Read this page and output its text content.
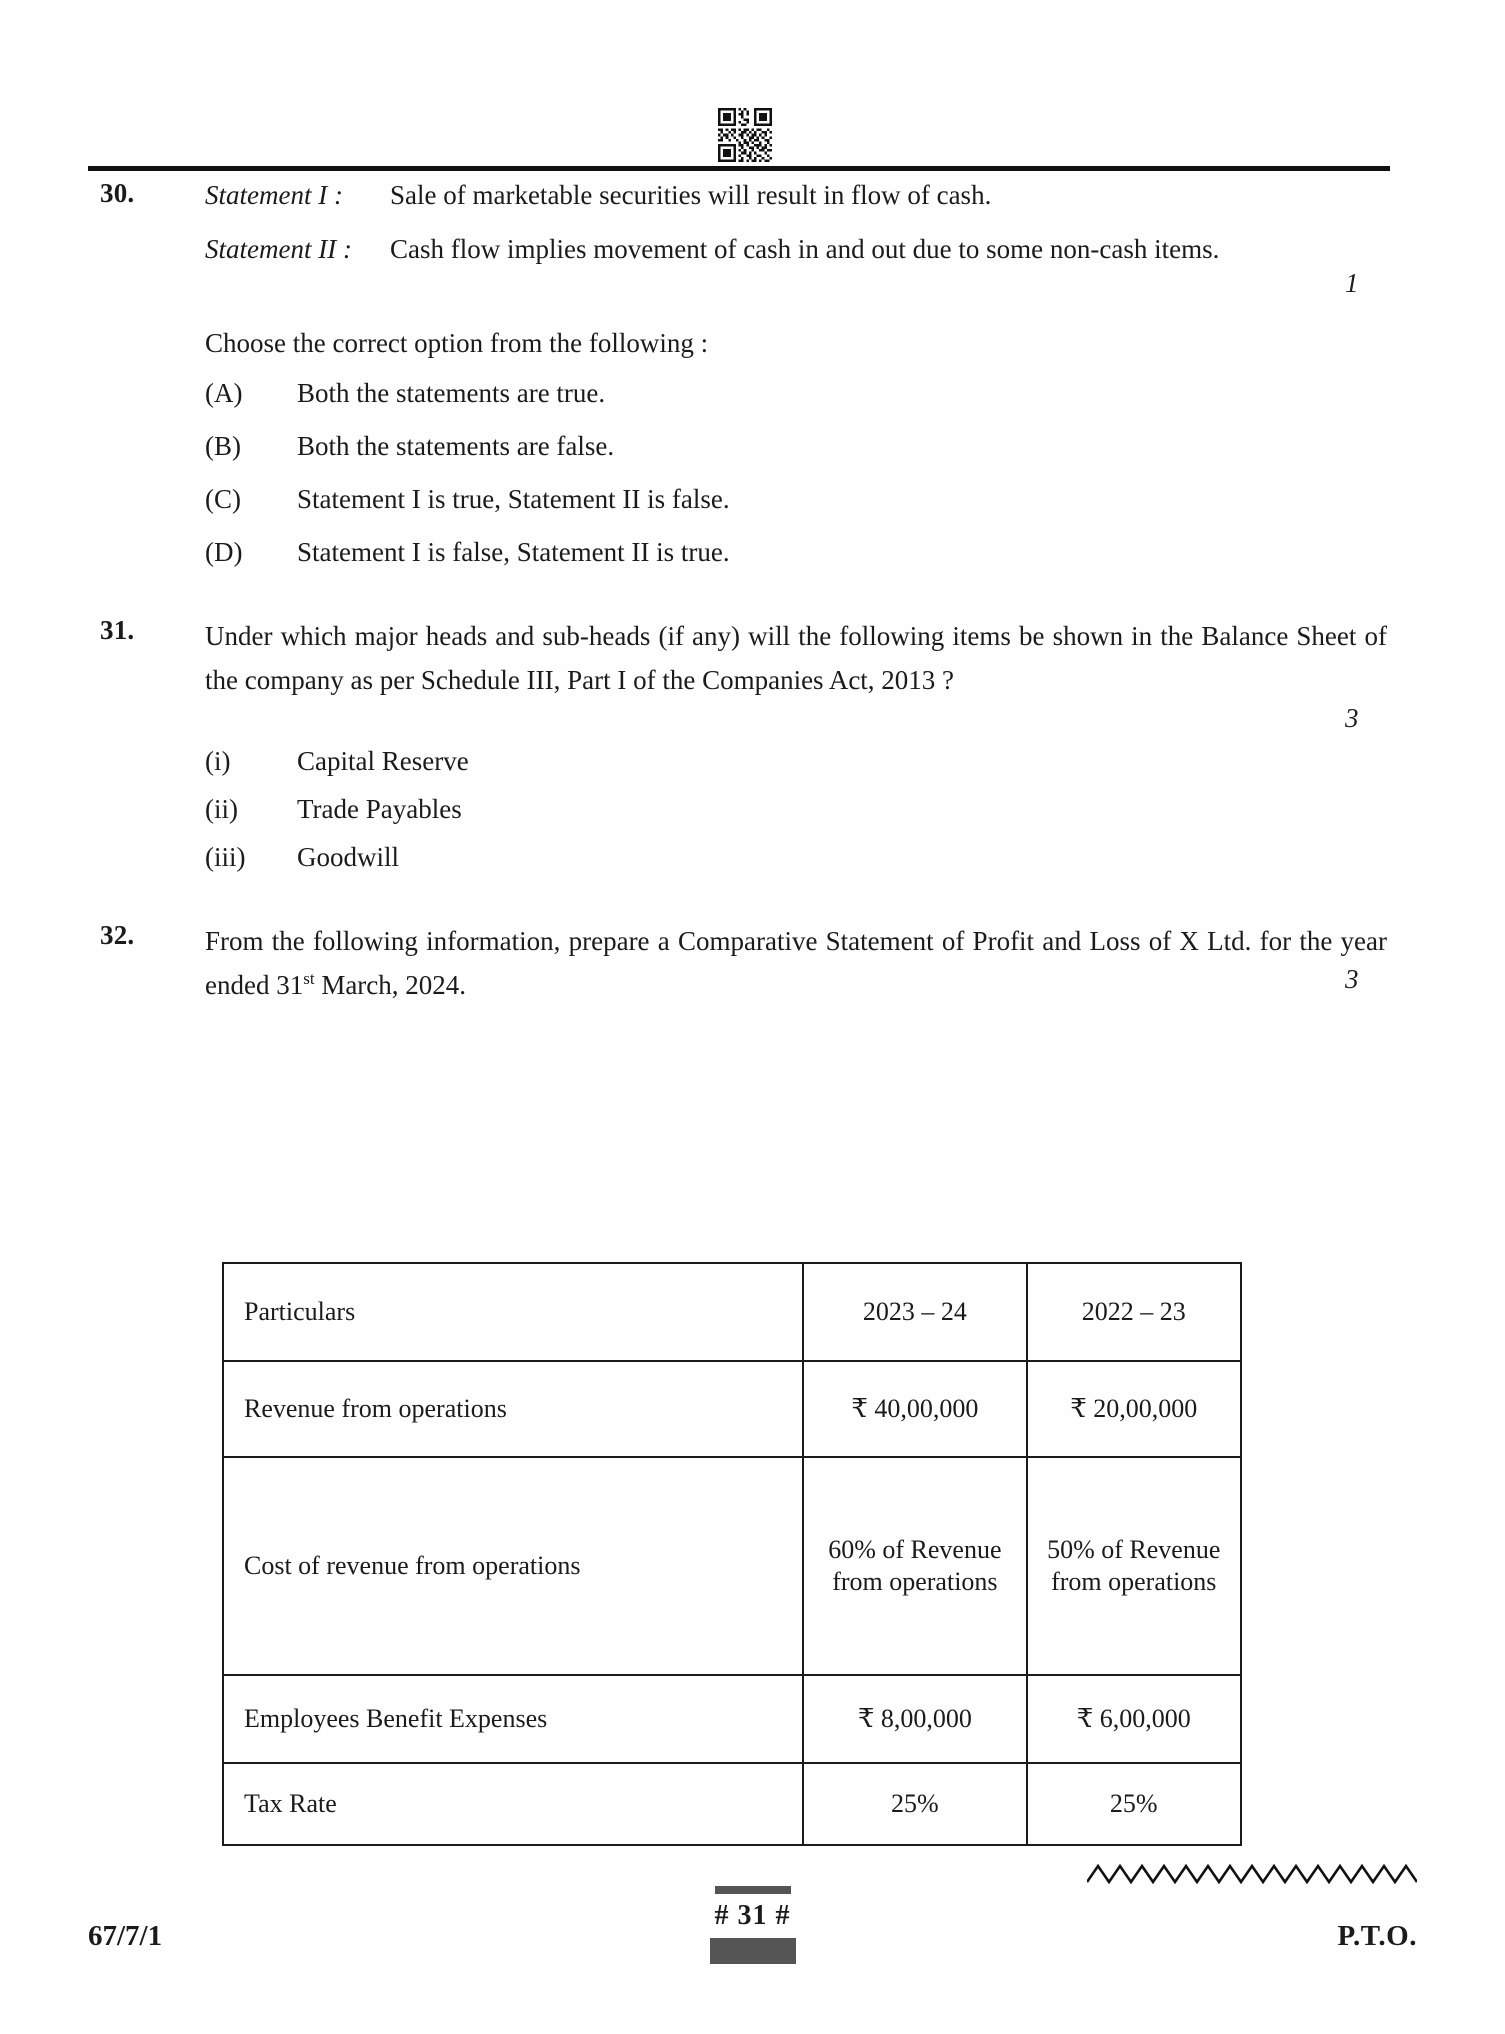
30.	Statement I : Sale of marketable securities will result in flow of cash.
Statement II : Cash flow implies movement of cash in and out due to some non-cash items.
1
Choose the correct option from the following :
(A) Both the statements are true.
(B) Both the statements are false.
(C) Statement I is true, Statement II is false.
(D) Statement I is false, Statement II is true.
31.	Under which major heads and sub-heads (if any) will the following items be shown in the Balance Sheet of the company as per Schedule III, Part I of the Companies Act, 2013 ?
3
(i) Capital Reserve
(ii) Trade Payables
(iii) Goodwill
32.	From the following information, prepare a Comparative Statement of Profit and Loss of X Ltd. for the year ended 31st March, 2024.	3
Particulars	2023 – 24	2022 – 23
Revenue from operations	₹ 40,00,000	₹ 20,00,000
Cost of revenue from operations	60% of Revenue from operations	50% of Revenue from operations
Employees Benefit Expenses	₹ 8,00,000	₹ 6,00,000
Tax Rate	25%	25%
67/7/1
# 31 #
P.T.O.
